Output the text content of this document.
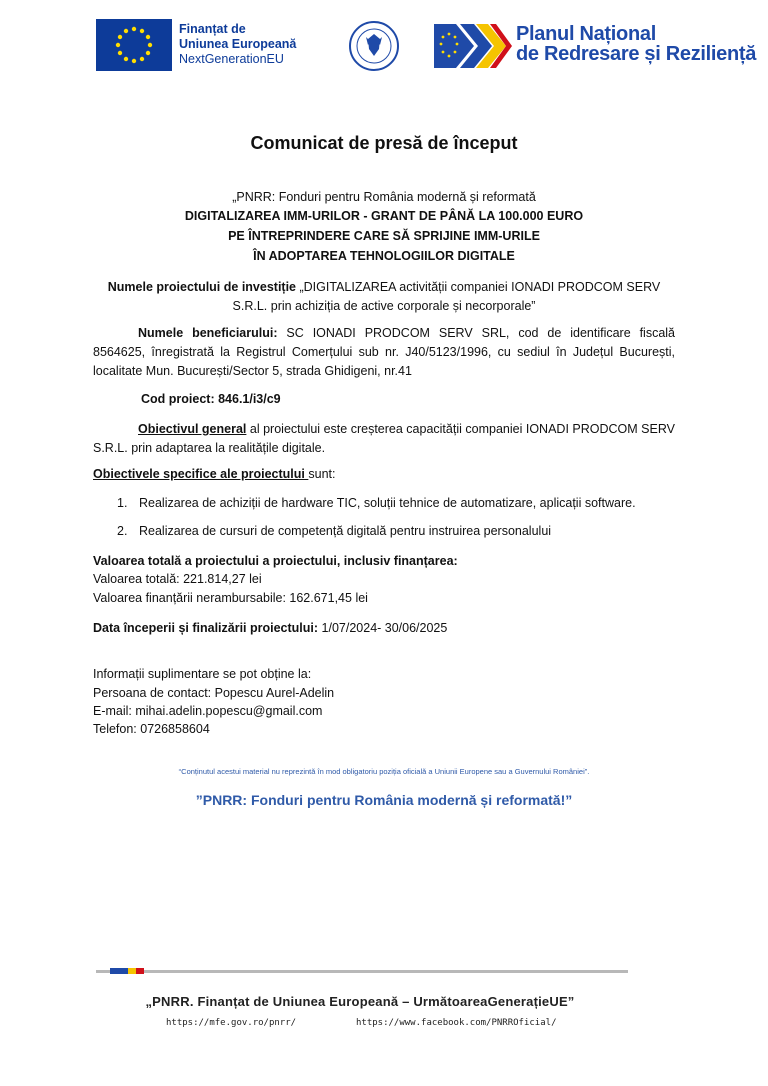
Finanțat de
Uniunea Europeană
NextGenerationEU
Planul Național
de Redresare și Reziliență
Comunicat de presă de început
„PNRR: Fonduri pentru România modernă și reformată
DIGITALIZAREA IMM-URILOR - GRANT DE PÂNĂ LA 100.000 EURO
PE ÎNTREPRINDERE CARE SĂ SPRIJINE IMM-URILE
ÎN ADOPTAREA TEHNOLOGIILOR DIGITALE
Numele proiectului de investiție „DIGITALIZAREA activității companiei IONADI PRODCOM SERV S.R.L. prin achiziția de active corporale și necorporale”
Numele beneficiarului: SC IONADI PRODCOM SERV SRL, cod de identificare fiscală 8564625, înregistrată la Registrul Comerțului sub nr. J40/5123/1996, cu sediul în Județul București, localitate Mun. București/Sector 5, strada Ghidigeni, nr.41
Cod proiect: 846.1/i3/c9
Obiectivul general al proiectului este creșterea capacității companiei IONADI PRODCOM SERV S.R.L. prin adaptarea la realitățile digitale.
Obiectivele specifice ale proiectului sunt:
1. Realizarea de achiziții de hardware TIC, soluții tehnice de automatizare, aplicații software.
2. Realizarea de cursuri de competență digitală pentru instruirea personalului
Valoarea totală a proiectului a proiectului, inclusiv finanțarea:
Valoarea totală: 221.814,27 lei
Valoarea finanțării nerambursabile: 162.671,45 lei
Data începerii și finalizării proiectului: 1/07/2024- 30/06/2025
Informații suplimentare se pot obține la:
Persoana de contact: Popescu Aurel-Adelin
E-mail: mihai.adelin.popescu@gmail.com
Telefon: 0726858604
“Conținutul acestui material nu reprezintă în mod obligatoriu poziția oficială a Uniunii Europene sau a Guvernului României”.
”PNRR: Fonduri pentru România modernă și reformată!”
„PNRR. Finanțat de Uniunea Europeană – UrmătoareaGenerațieUE”
https://mfe.gov.ro/pnrr/	https://www.facebook.com/PNRROficial/
